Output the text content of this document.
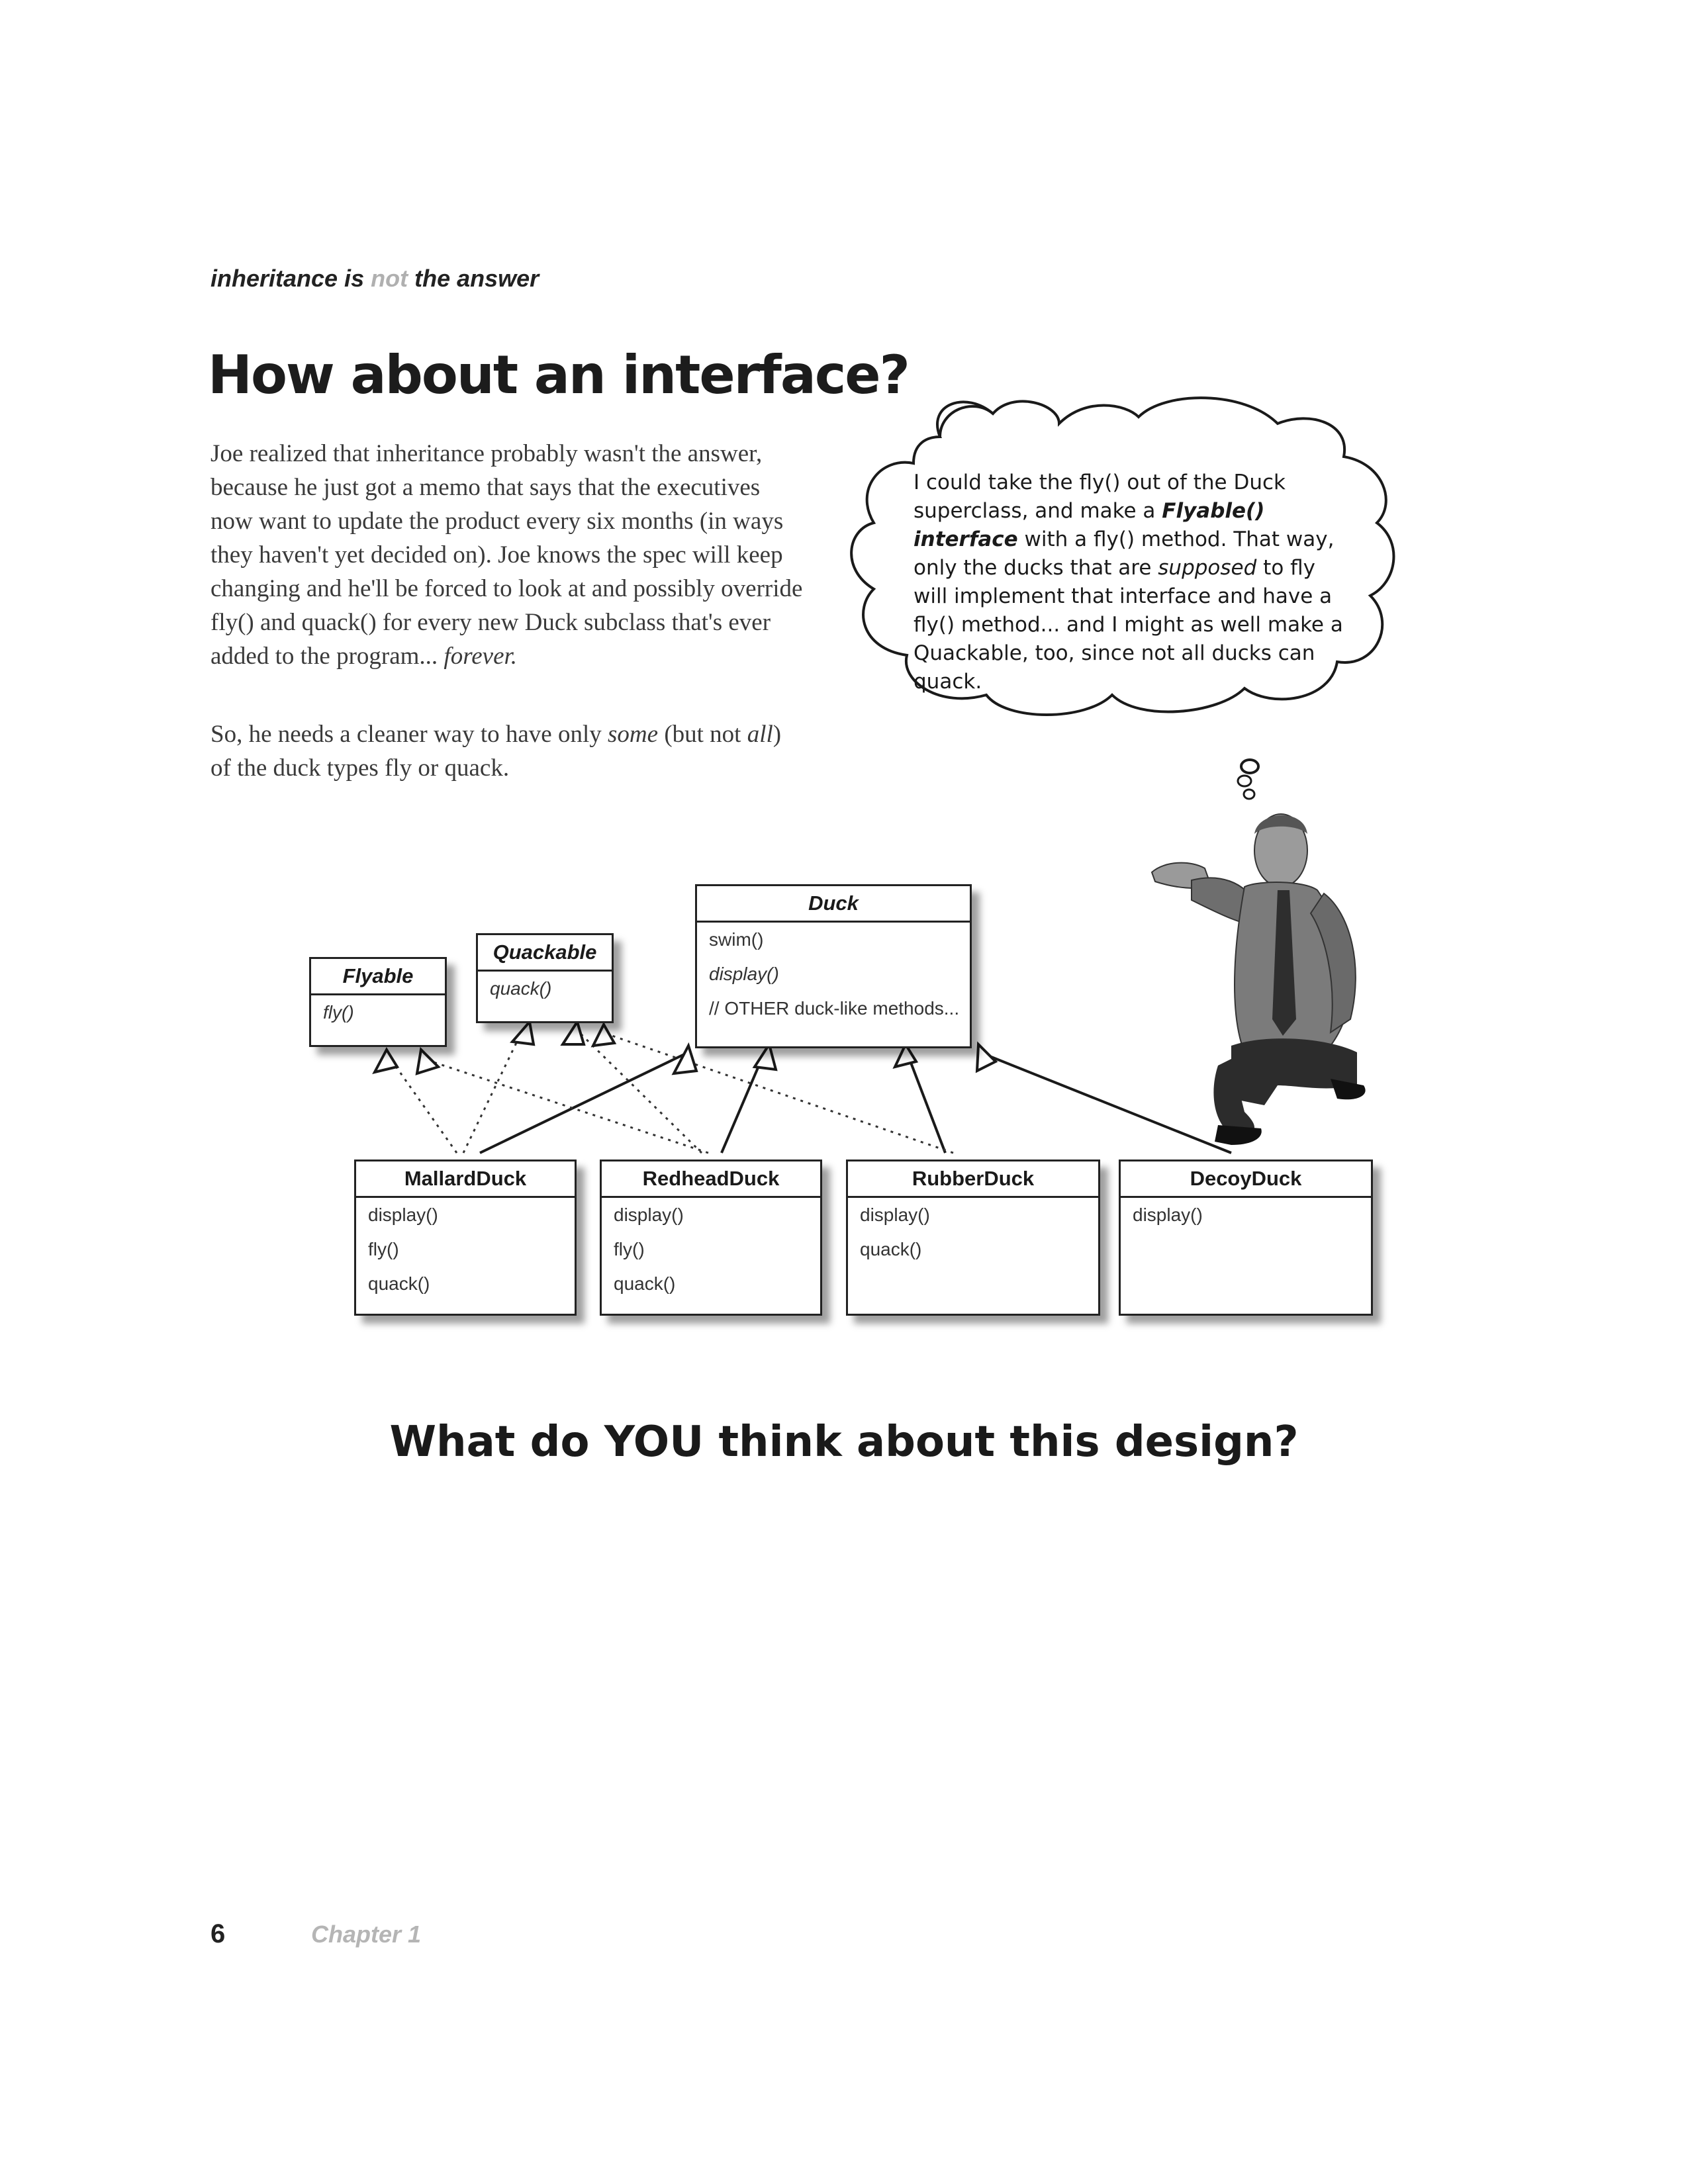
inheritance is not the answer
How about an interface?

Joe realized that inheritance probably wasn't the answer, because he just got a memo that says that the executives now want to update the product every six months (in ways they haven't yet decided on). Joe knows the spec will keep changing and he'll be forced to look at and possibly override fly() and quack() for every new Duck subclass that's ever added to the program... forever.

So, he needs a cleaner way to have only some (but not all) of the duck types fly or quack.

I could take the fly() out of the Duck superclass, and make a Flyable() interface with a fly() method. That way, only the ducks that are supposed to fly will implement that interface and have a fly() method... and I might as well make a Quackable, too, since not all ducks can quack.
Flyable
fly()
Quackable
quack()
Duck
swim()
display()
// OTHER duck-like methods...
MallardDuck
display()
fly()
quack()
RedheadDuck
display()
fly()
quack()
RubberDuck
display()
quack()
DecoyDuck
display()
What do YOU think about this design?
6	Chapter 1
